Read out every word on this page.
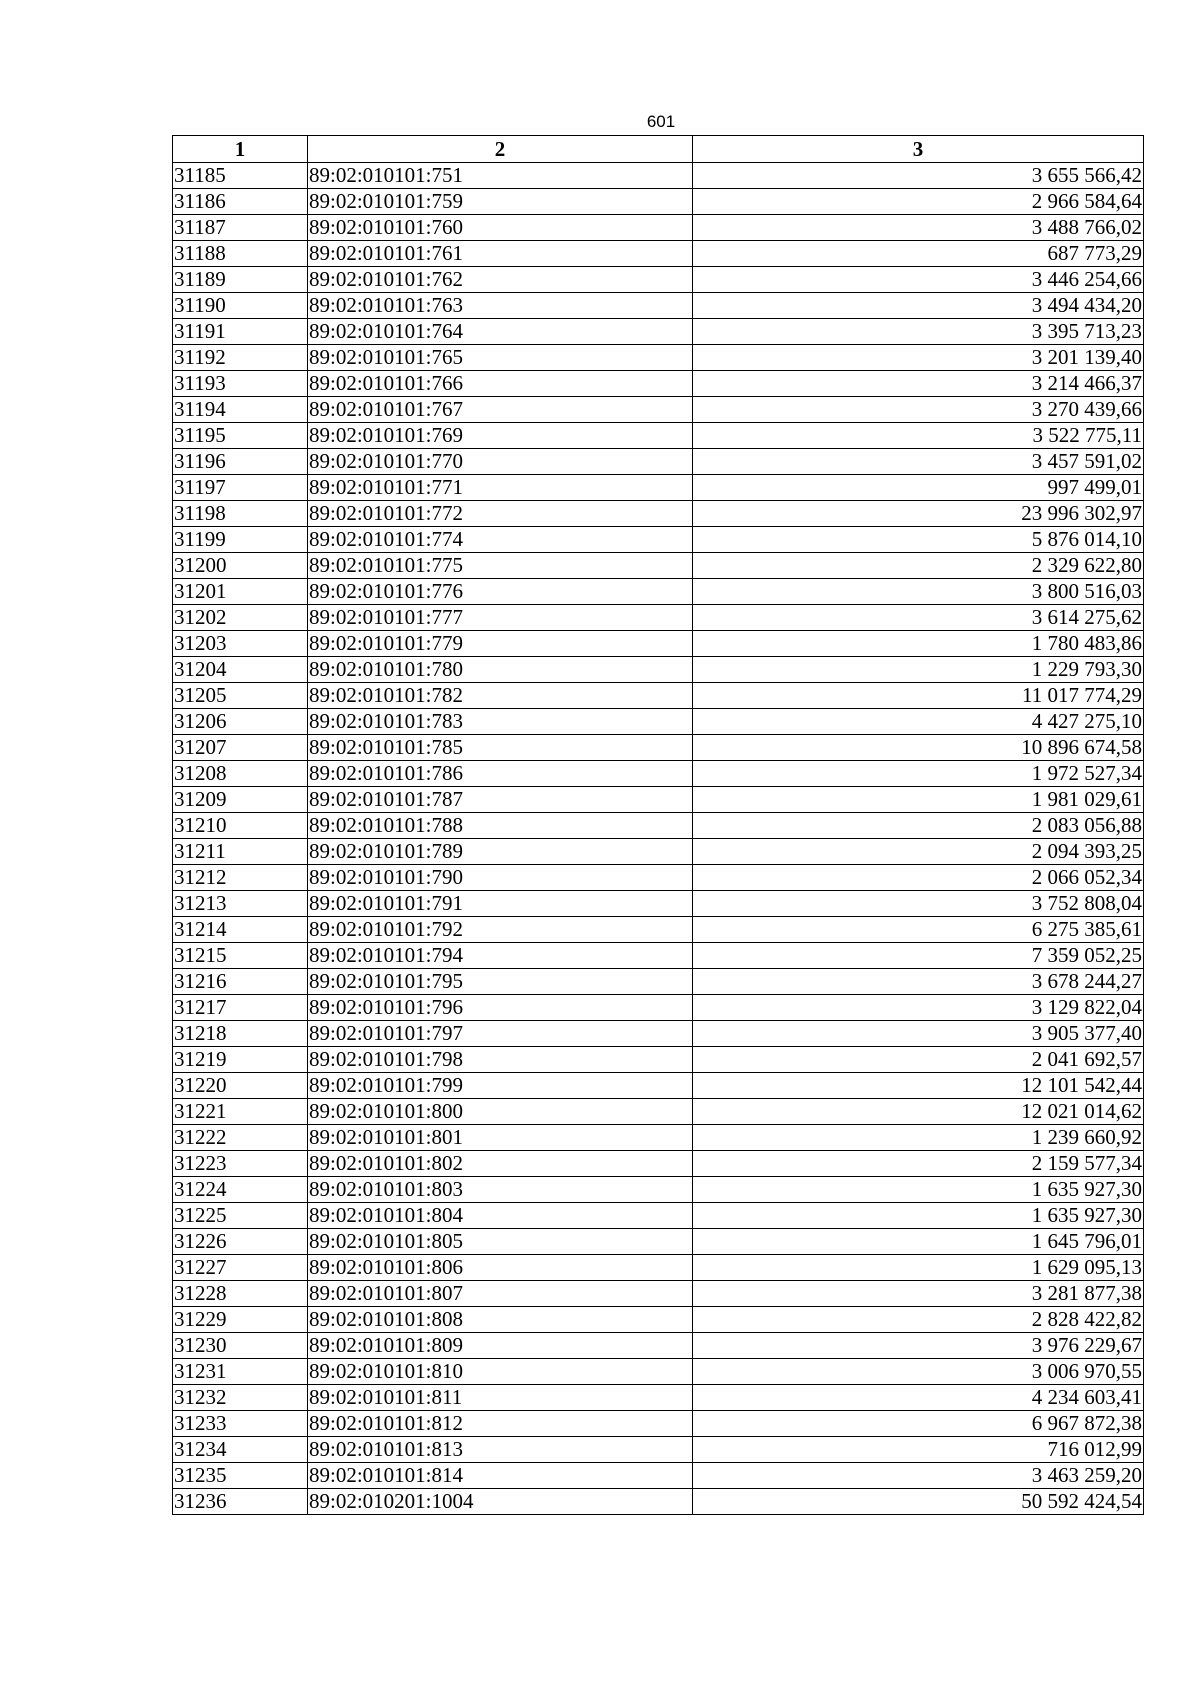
601
1	2	3
31185	89:02:010101:751	3 655 566,42
31186	89:02:010101:759	2 966 584,64
31187	89:02:010101:760	3 488 766,02
31188	89:02:010101:761	687 773,29
31189	89:02:010101:762	3 446 254,66
31190	89:02:010101:763	3 494 434,20
31191	89:02:010101:764	3 395 713,23
31192	89:02:010101:765	3 201 139,40
31193	89:02:010101:766	3 214 466,37
31194	89:02:010101:767	3 270 439,66
31195	89:02:010101:769	3 522 775,11
31196	89:02:010101:770	3 457 591,02
31197	89:02:010101:771	997 499,01
31198	89:02:010101:772	23 996 302,97
31199	89:02:010101:774	5 876 014,10
31200	89:02:010101:775	2 329 622,80
31201	89:02:010101:776	3 800 516,03
31202	89:02:010101:777	3 614 275,62
31203	89:02:010101:779	1 780 483,86
31204	89:02:010101:780	1 229 793,30
31205	89:02:010101:782	11 017 774,29
31206	89:02:010101:783	4 427 275,10
31207	89:02:010101:785	10 896 674,58
31208	89:02:010101:786	1 972 527,34
31209	89:02:010101:787	1 981 029,61
31210	89:02:010101:788	2 083 056,88
31211	89:02:010101:789	2 094 393,25
31212	89:02:010101:790	2 066 052,34
31213	89:02:010101:791	3 752 808,04
31214	89:02:010101:792	6 275 385,61
31215	89:02:010101:794	7 359 052,25
31216	89:02:010101:795	3 678 244,27
31217	89:02:010101:796	3 129 822,04
31218	89:02:010101:797	3 905 377,40
31219	89:02:010101:798	2 041 692,57
31220	89:02:010101:799	12 101 542,44
31221	89:02:010101:800	12 021 014,62
31222	89:02:010101:801	1 239 660,92
31223	89:02:010101:802	2 159 577,34
31224	89:02:010101:803	1 635 927,30
31225	89:02:010101:804	1 635 927,30
31226	89:02:010101:805	1 645 796,01
31227	89:02:010101:806	1 629 095,13
31228	89:02:010101:807	3 281 877,38
31229	89:02:010101:808	2 828 422,82
31230	89:02:010101:809	3 976 229,67
31231	89:02:010101:810	3 006 970,55
31232	89:02:010101:811	4 234 603,41
31233	89:02:010101:812	6 967 872,38
31234	89:02:010101:813	716 012,99
31235	89:02:010101:814	3 463 259,20
31236	89:02:010201:1004	50 592 424,54
